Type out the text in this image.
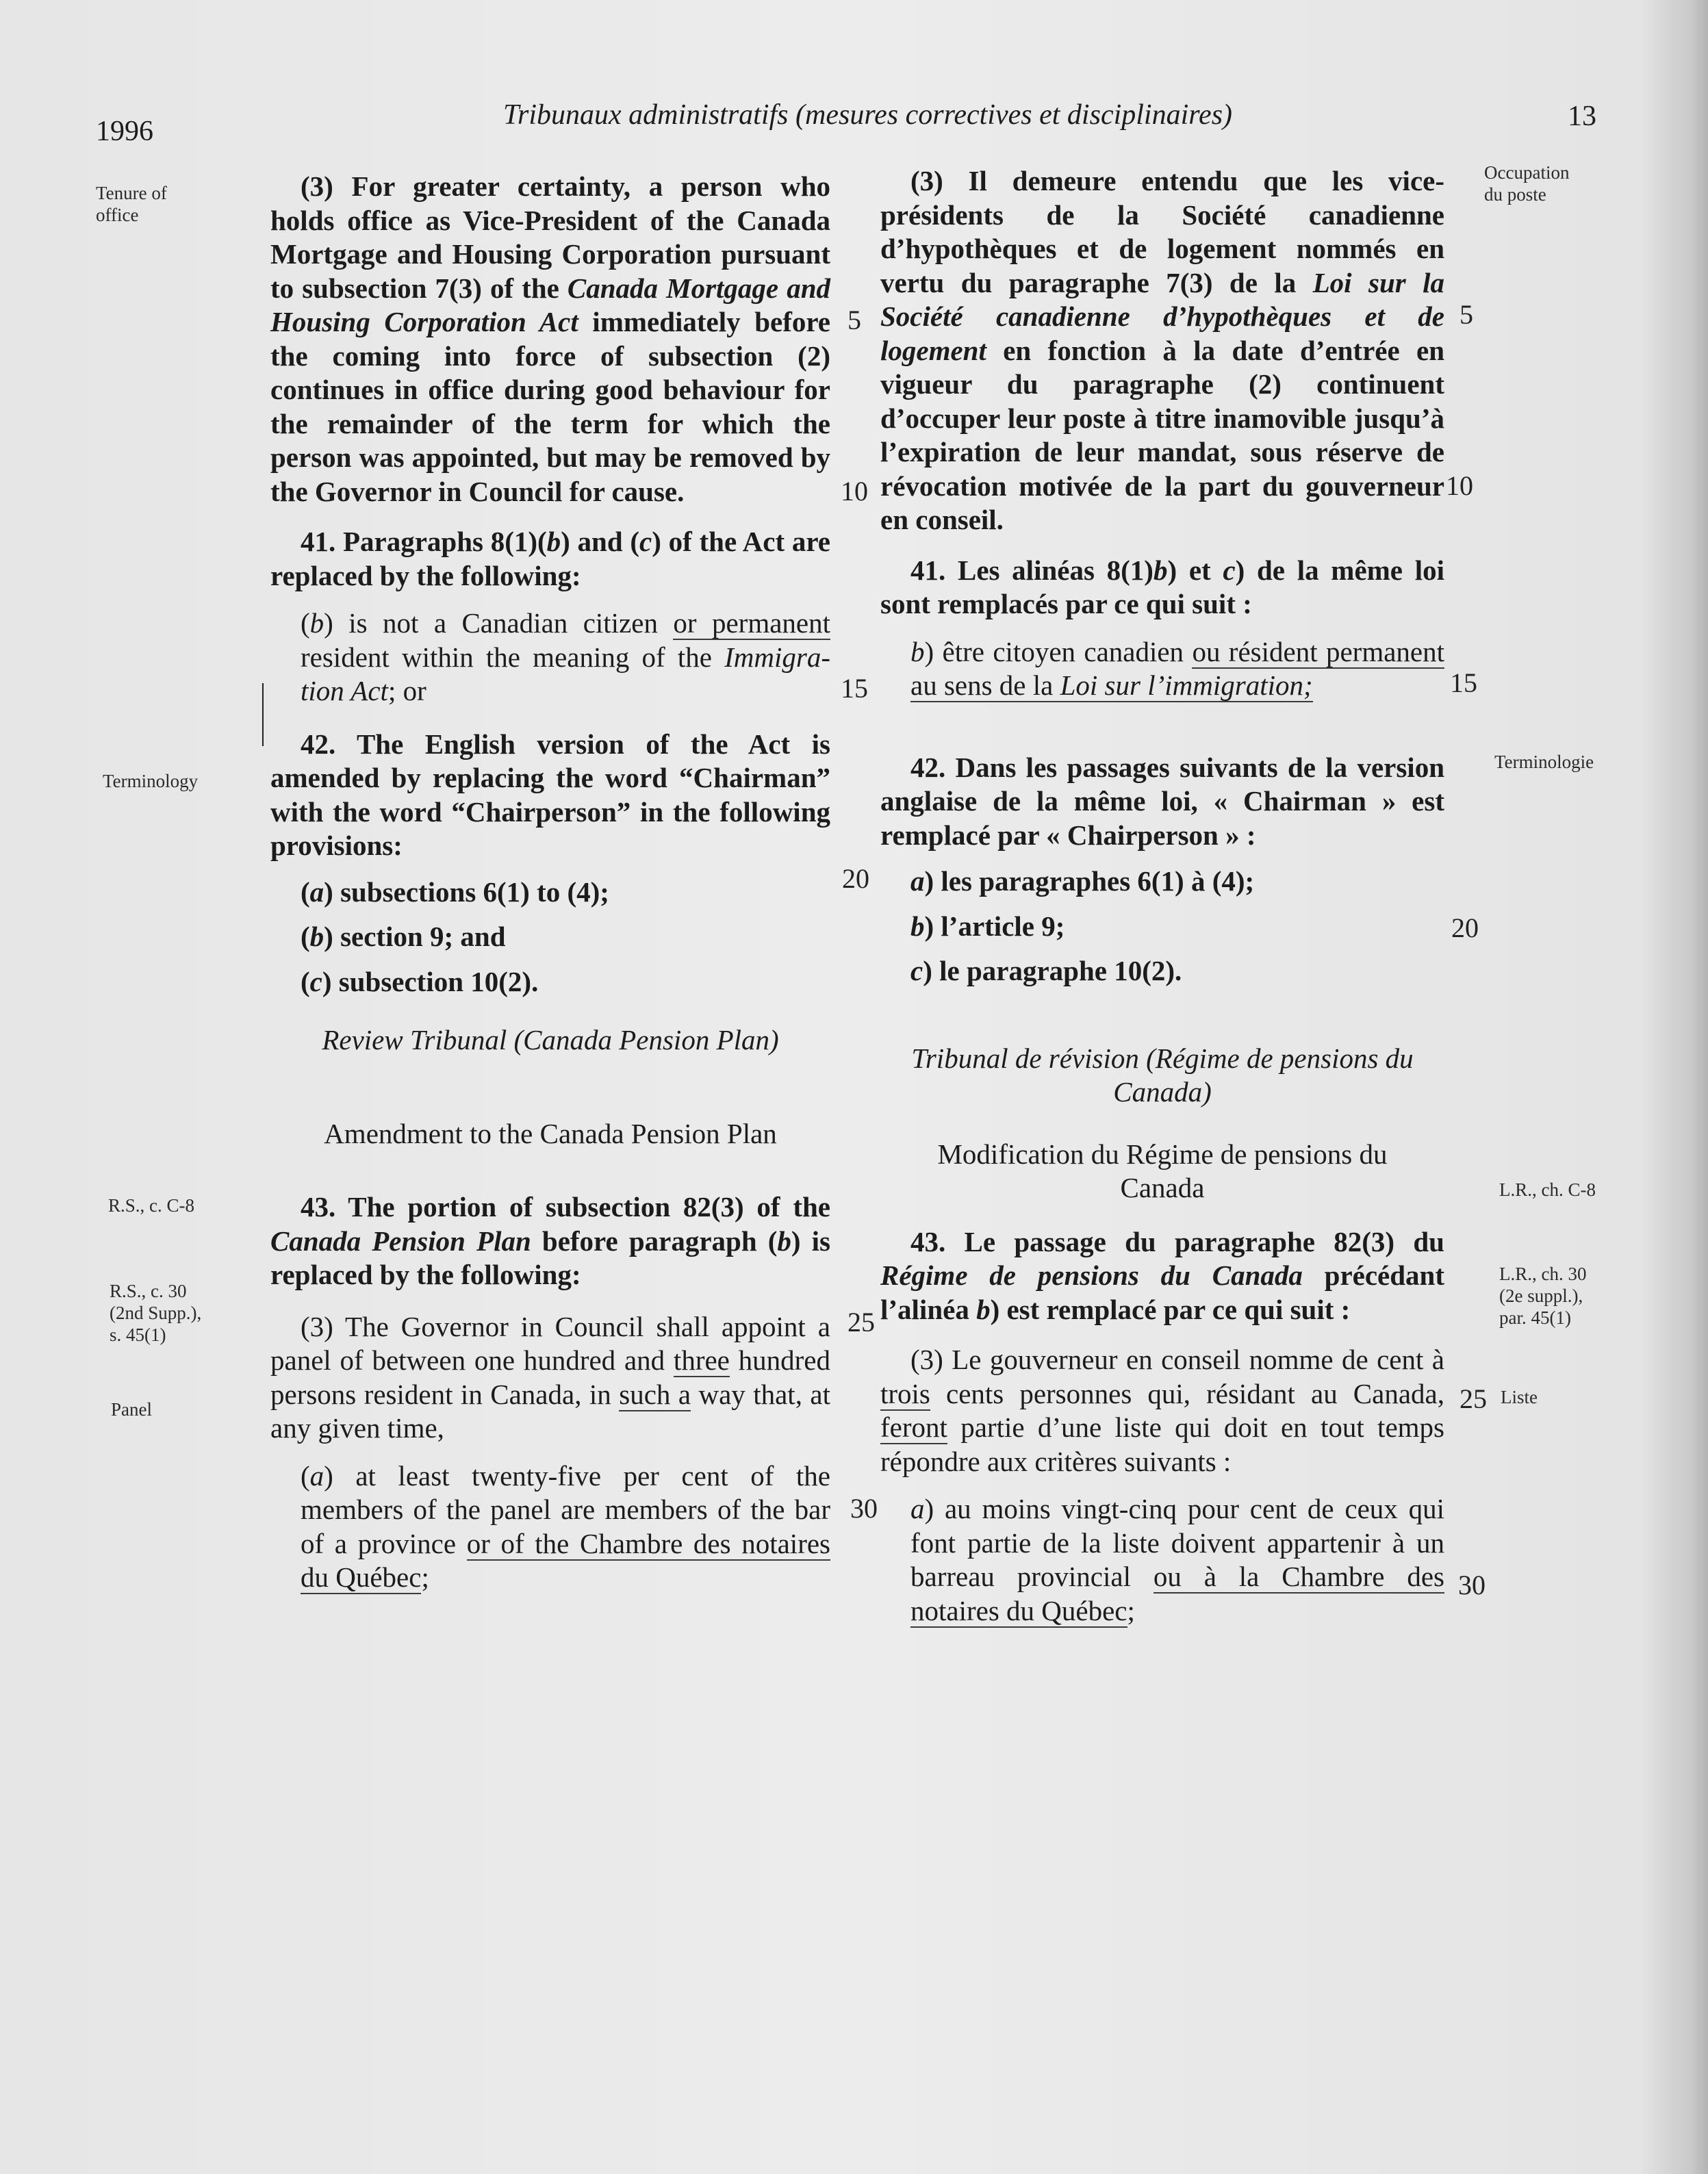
1996
Tribunaux administratifs (mesures correctives et disciplinaires)	13
Tenure of
office
Terminology
R.S., c. C-8
R.S., c. 30
(2nd Supp.),
s. 45(1)
Panel
Occupation
du poste
Terminologie
L.R., ch. C-8
L.R., ch. 30
(2e suppl.),
par. 45(1)
Liste
5
10
15
20
25
30
5
10
15
20
25
30

(3) For greater certainty, a person who holds office as Vice-President of the Canada Mortgage and Housing Corporation pursuant to subsection 7(3) of the Canada Mortgage and Housing Corporation Act immediately before the coming into force of subsection (2) continues in office during good behaviour for the remainder of the term for which the person was appointed, but may be removed by the Governor in Council for cause.

41. Paragraphs 8(1)(b) and (c) of the Act are replaced by the following:

(b) is not a Canadian citizen or permanent resident within the meaning of the Immigra- tion Act; or

42. The English version of the Act is amended by replacing the word “Chairman” with the word “Chairperson” in the following provisions:

(a) subsections 6(1) to (4);

(b) section 9; and

(c) subsection 10(2).

Review Tribunal (Canada Pension Plan)

Amendment to the Canada Pension Plan

43. The portion of subsection 82(3) of the Canada Pension Plan before paragraph (b) is replaced by the following:

(3) The Governor in Council shall appoint a panel of between one hundred and three hundred persons resident in Canada, in such a way that, at any given time,

(a) at least twenty-five per cent of the members of the panel are members of the bar of a province or of the Chambre des notaires du Québec;

(3) Il demeure entendu que les vice-présidents de la Société canadienne d’hypothèques et de logement nommés en vertu du paragraphe 7(3) de la Loi sur la Société canadienne d’hypothèques et de logement en fonction à la date d’entrée en vigueur du paragraphe (2) continuent d’occuper leur poste à titre inamovible jusqu’à l’expiration de leur mandat, sous réserve de révocation motivée de la part du gouverneur en conseil.

41. Les alinéas 8(1)b) et c) de la même loi sont remplacés par ce qui suit :

b) être citoyen canadien ou résident permanent au sens de la Loi sur l’immigration;

42. Dans les passages suivants de la version anglaise de la même loi, « Chairman » est remplacé par « Chairperson » :

a) les paragraphes 6(1) à (4);

b) l’article 9;

c) le paragraphe 10(2).

Tribunal de révision (Régime de pensions du Canada)

Modification du Régime de pensions du Canada

43. Le passage du paragraphe 82(3) du Régime de pensions du Canada précédant l’alinéa b) est remplacé par ce qui suit :

(3) Le gouverneur en conseil nomme de cent à trois cents personnes qui, résidant au Canada, feront partie d’une liste qui doit en tout temps répondre aux critères suivants :

a) au moins vingt-cinq pour cent de ceux qui font partie de la liste doivent appartenir à un barreau provincial ou à la Chambre des notaires du Québec;
